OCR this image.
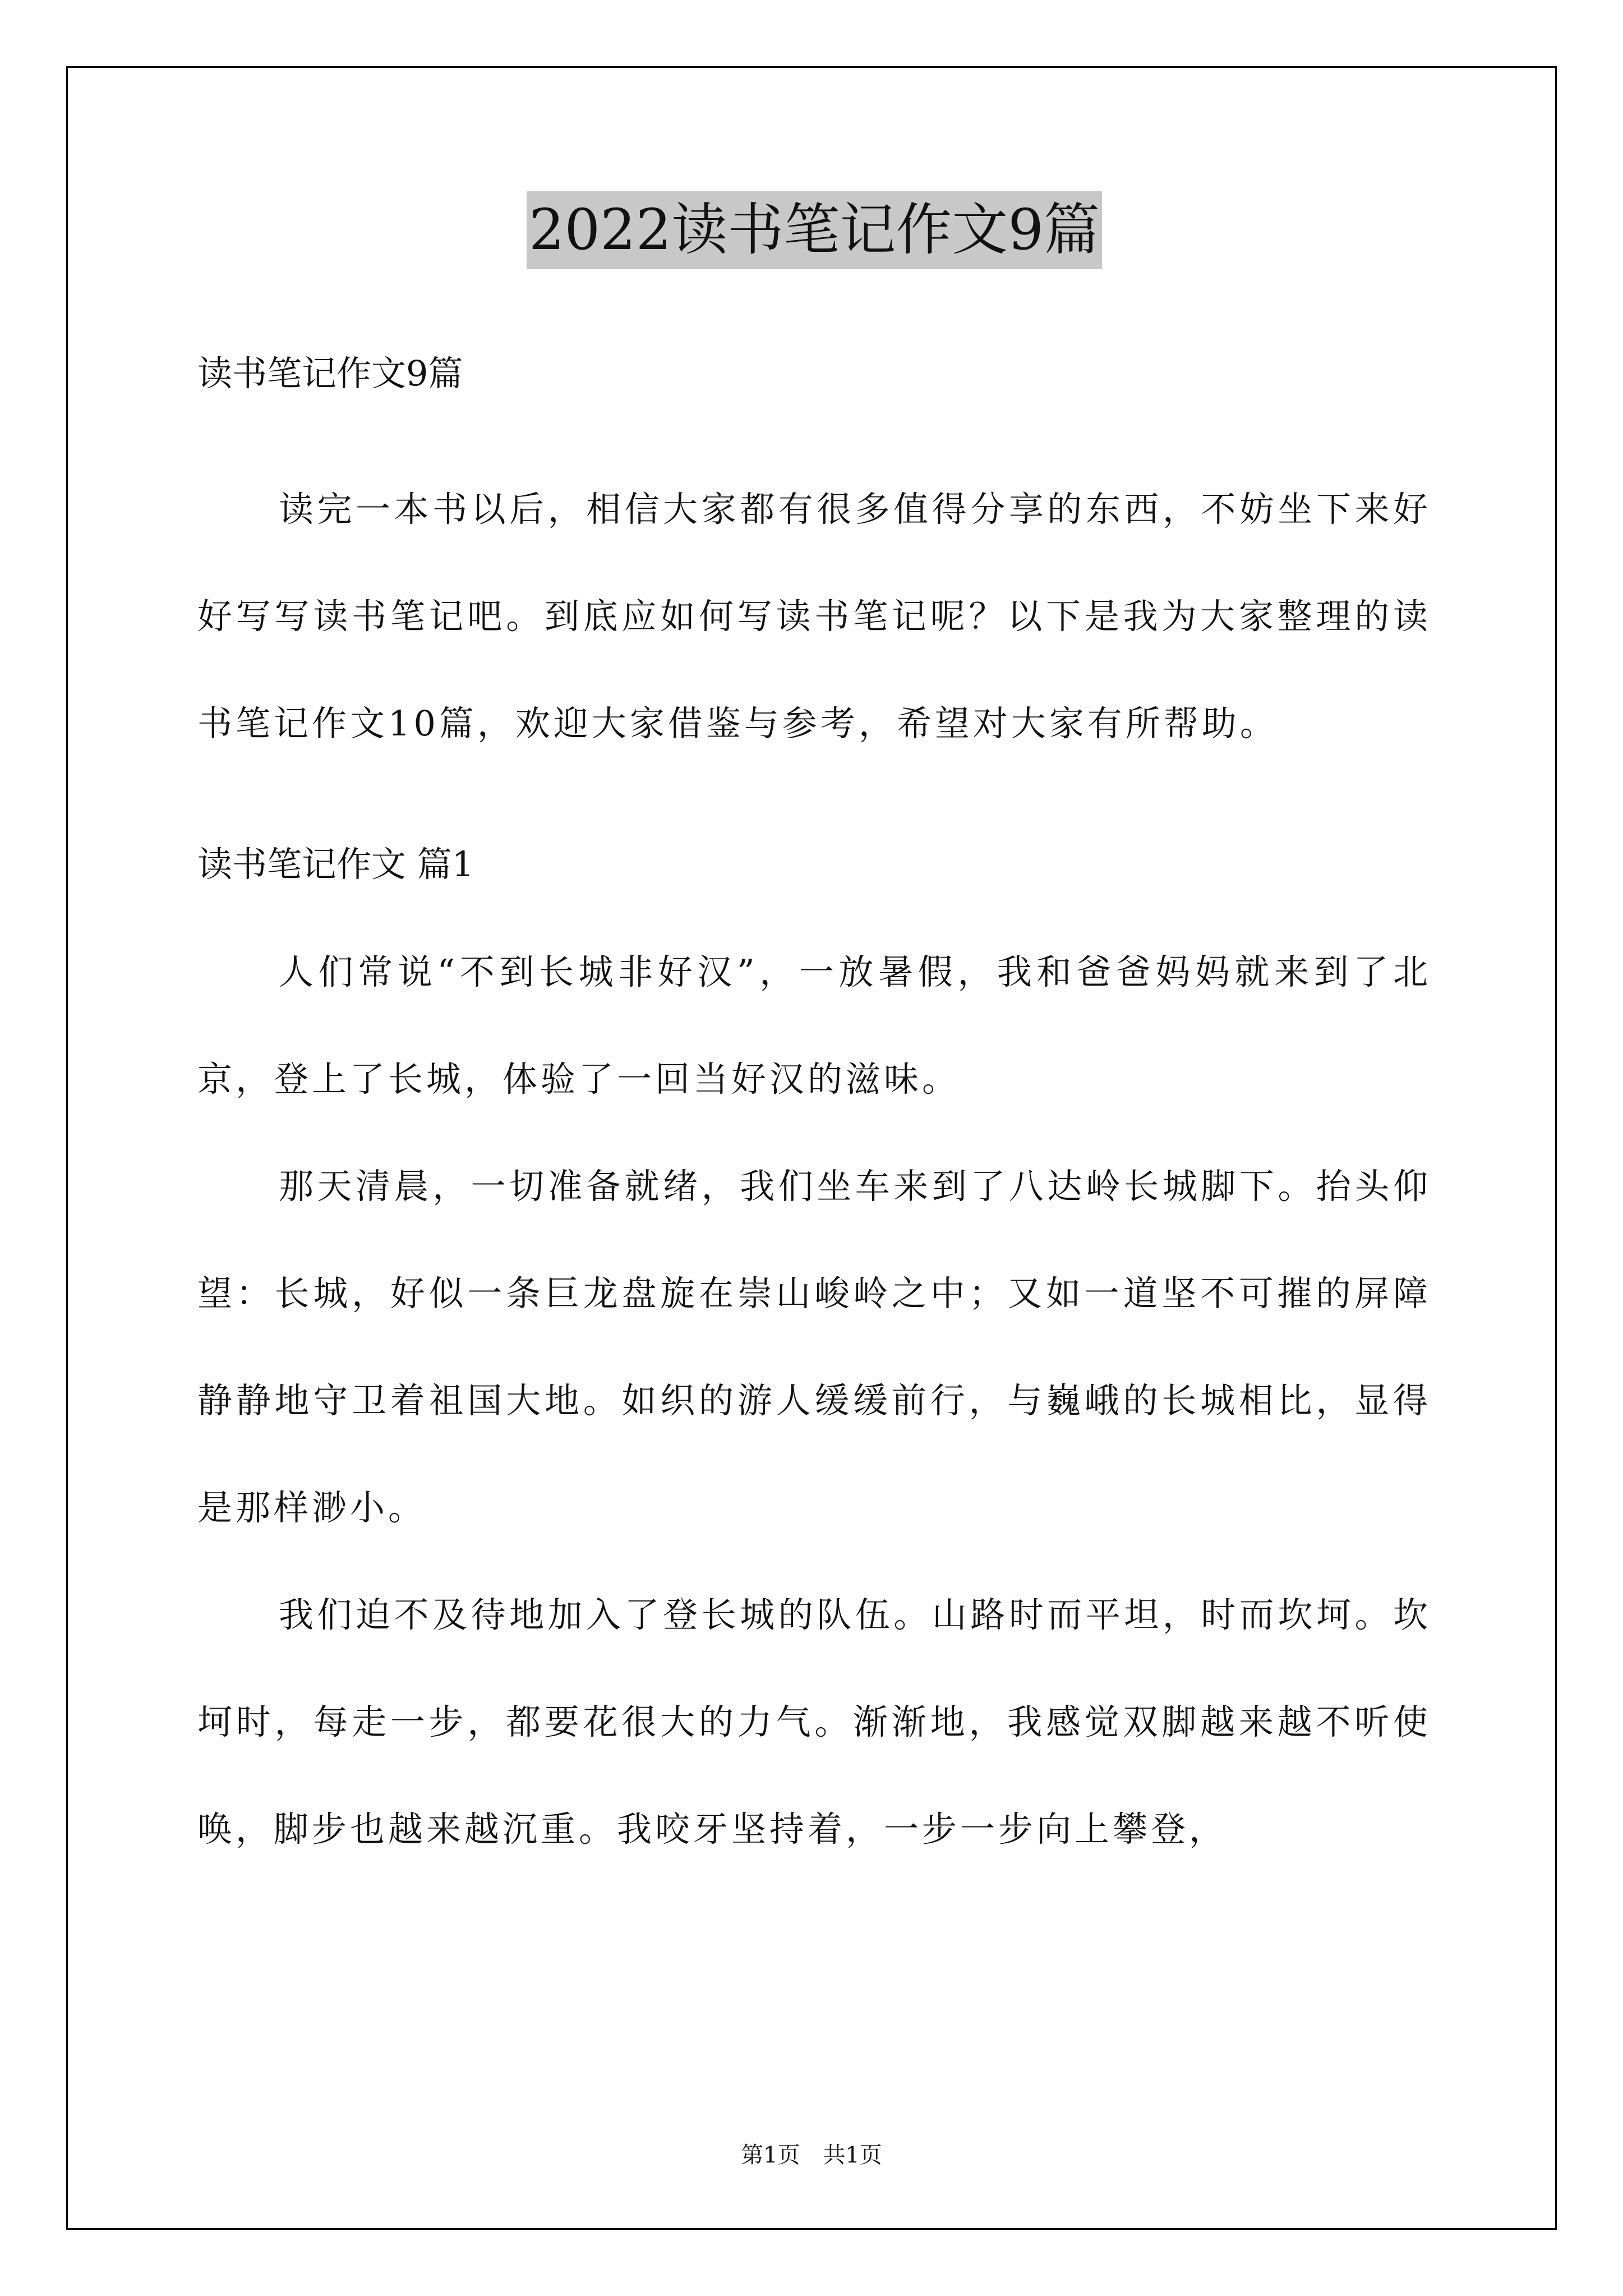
2022读书笔记作文9篇
读书笔记作文9篇

读完一本书以后，相信大家都有很多值得分享的东西，不妨坐下来好好写写读书笔记吧。到底应如何写读书笔记呢？以下是我为大家整理的读书笔记作文10篇，欢迎大家借鉴与参考，希望对大家有所帮助。

读书笔记作文 篇1

人们常说“不到长城非好汉”，一放暑假，我和爸爸妈妈就来到了北京，登上了长城，体验了一回当好汉的滋味。

那天清晨，一切准备就绪，我们坐车来到了八达岭长城脚下。抬头仰望：长城，好似一条巨龙盘旋在崇山峻岭之中；又如一道坚不可摧的屏障静静地守卫着祖国大地。如织的游人缓缓前行，与巍峨的长城相比，显得是那样渺小。

我们迫不及待地加入了登长城的队伍。山路时而平坦，时而坎坷。坎坷时，每走一步，都要花很大的力气。渐渐地，我感觉双脚越来越不听使唤，脚步也越来越沉重。我咬牙坚持着，一步一步向上攀登，

第1页 共1页
